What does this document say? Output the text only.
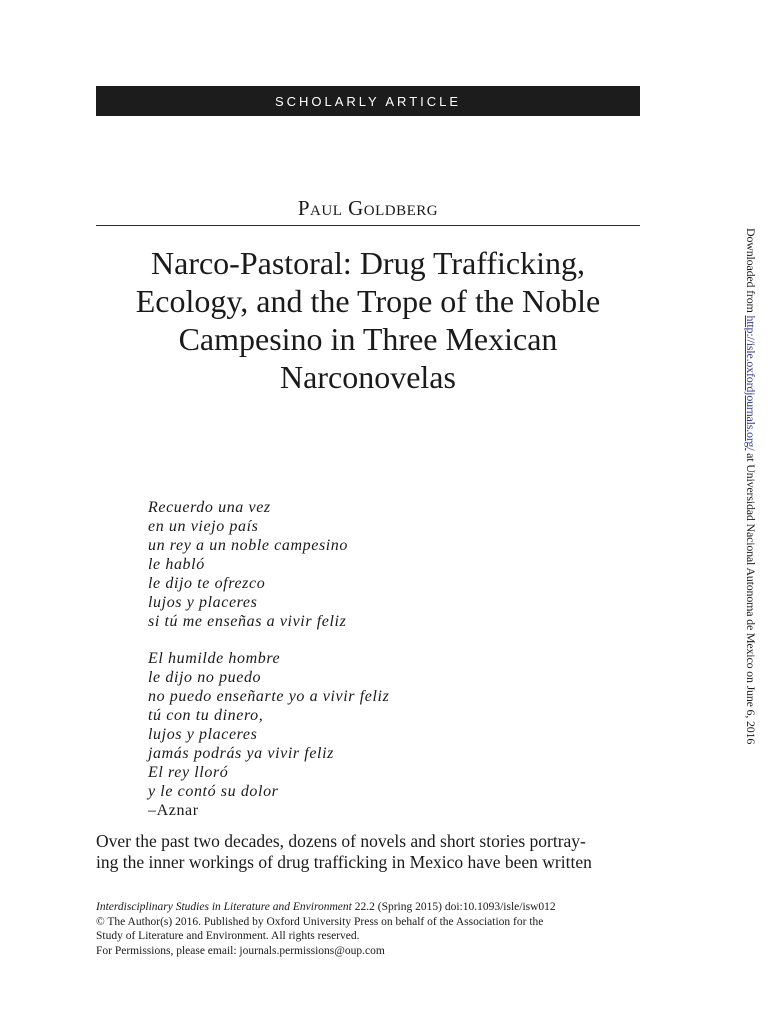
SCHOLARLY ARTICLE
Paul Goldberg
Narco-Pastoral: Drug Trafficking,
Ecology, and the Trope of the Noble
Campesino in Three Mexican
Narconovelas
Recuerdo una vez
en un viejo país
un rey a un noble campesino
le habló
le dijo te ofrezco
lujos y placeres
si tú me enseñas a vivir feliz
El humilde hombre
le dijo no puedo
no puedo enseñarte yo a vivir feliz
tú con tu dinero,
lujos y placeres
jamás podrás ya vivir feliz
El rey lloró
y le contó su dolor
–Aznar

Over the past two decades, dozens of novels and short stories portray-
ing the inner workings of drug trafficking in Mexico have been written

Interdisciplinary Studies in Literature and Environment 22.2 (Spring 2015) doi:10.1093/isle/isw012
© The Author(s) 2016. Published by Oxford University Press on behalf of the Association for the
Study of Literature and Environment. All rights reserved.
For Permissions, please email: journals.permissions@oup.com
Downloaded from http://isle.oxfordjournals.org/ at Universidad Nacional Autonoma de Mexico on June 6, 2016
